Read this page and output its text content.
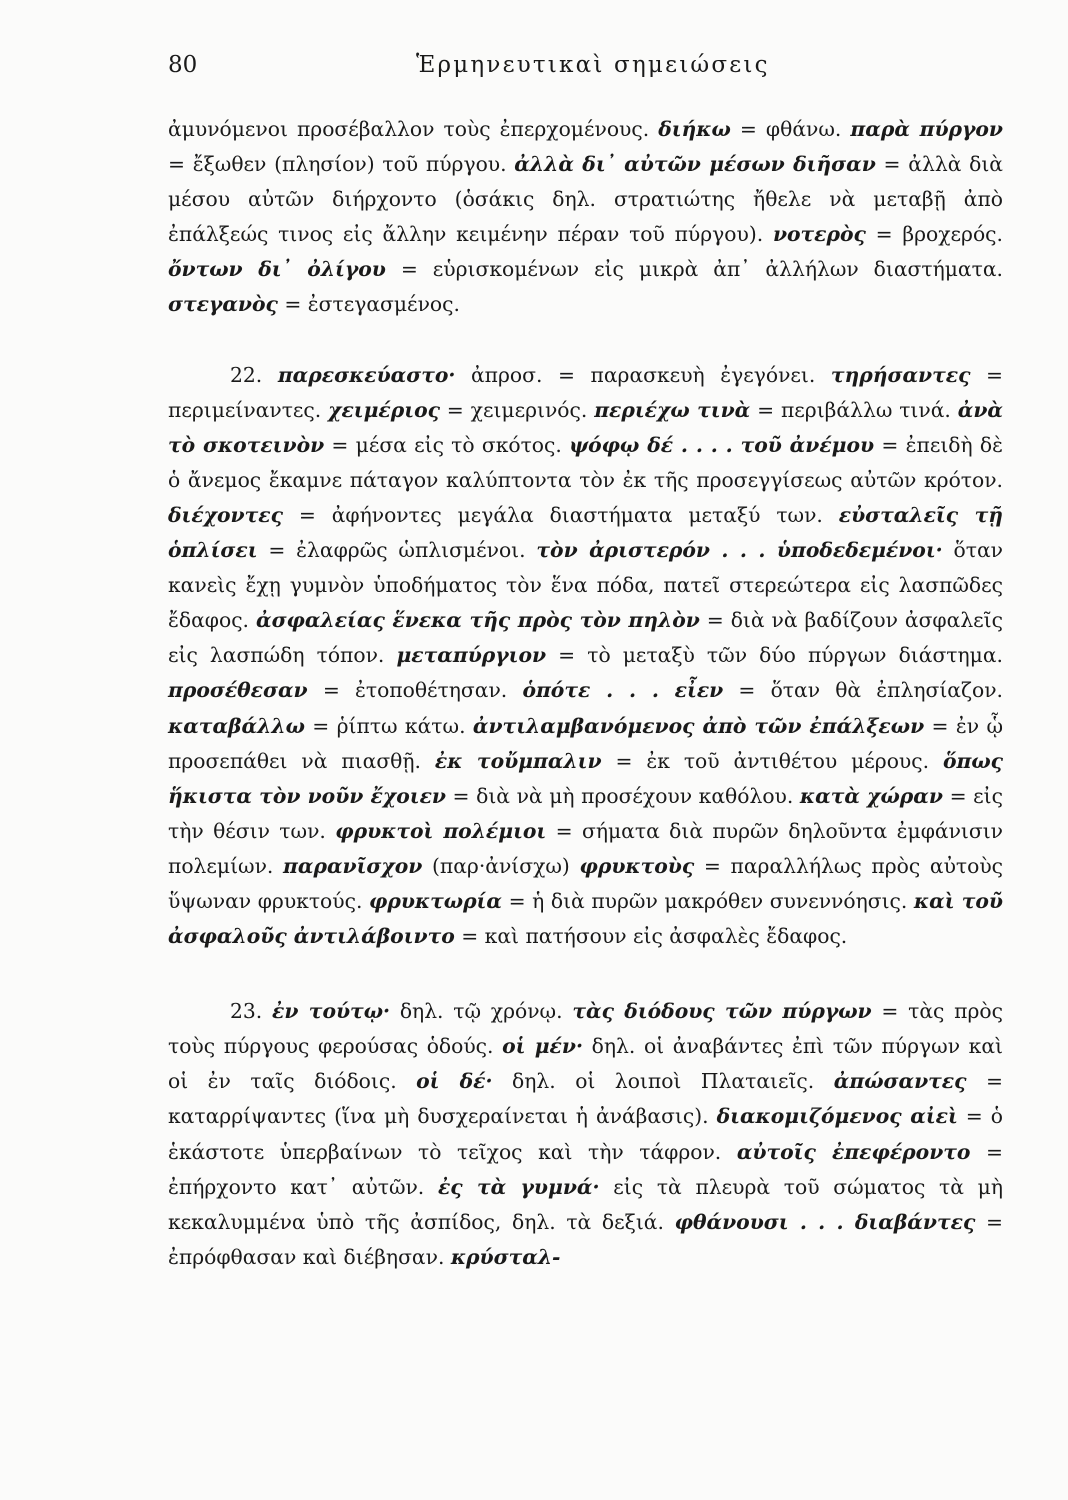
80	Ἑρμηνευτικαὶ σημειώσεις

ἀμυνόμενοι προσέβαλλον τοὺς ἐπερχομένους. διήκω = φθάνω. παρὰ πύργον = ἔξωθεν (πλησίον) τοῦ πύργου. ἀλλὰ δι᾽ αὐτῶν μέσων διῆσαν = ἀλλὰ διὰ μέσου αὐτῶν διήρχοντο (ὁσάκις δηλ. στρατιώτης ἤθελε νὰ μεταβῇ ἀπὸ ἐπάλξεώς τινος εἰς ἄλλην κειμένην πέραν τοῦ πύργου). νοτερὸς = βροχερός. ὄντων δι᾽ ὀλίγου = εὑρισκομένων εἰς μικρὰ ἀπ᾽ ἀλλήλων διαστήματα. στεγανὸς = ἐστεγασμένος.

22. παρεσκεύαστο· ἀπροσ. = παρασκευὴ ἐγεγόνει. τηρήσαντες = περιμείναντες. χειμέριος = χειμερινός. περιέχω τινὰ = περιβάλλω τινά. ἀνὰ τὸ σκοτεινὸν = μέσα εἰς τὸ σκότος. ψόφῳ δέ . . . . τοῦ ἀνέμου = ἐπειδὴ δὲ ὁ ἄνεμος ἔκαμνε πάταγον καλύπτοντα τὸν ἐκ τῆς προσεγγίσεως αὐτῶν κρότον. διέχοντες = ἀφήνοντες μεγάλα διαστήματα μεταξύ των. εὐσταλεῖς τῇ ὁπλίσει = ἐλαφρῶς ὡπλισμένοι. τὸν ἀριστερόν . . . ὑποδεδεμένοι· ὅταν κανεὶς ἔχῃ γυμνὸν ὑποδήματος τὸν ἕνα πόδα, πατεῖ στερεώτερα εἰς λασπῶδες ἔδαφος. ἀσφαλείας ἕνεκα τῆς πρὸς τὸν πηλὸν = διὰ νὰ βαδίζουν ἀσφαλεῖς εἰς λασπώδη τόπον. μεταπύργιον = τὸ μεταξὺ τῶν δύο πύργων διάστημα. προσέθεσαν = ἐτοποθέτησαν. ὁπότε . . . εἶεν = ὅταν θὰ ἐπλησίαζον. καταβάλλω = ῥίπτω κάτω. ἀντιλαμβανόμενος ἀπὸ τῶν ἐπάλξεων = ἐν ᾧ προσεπάθει νὰ πιασθῇ. ἐκ τοὔμπαλιν = ἐκ τοῦ ἀντιθέτου μέρους. ὅπως ἥκιστα τὸν νοῦν ἔχοιεν = διὰ νὰ μὴ προσέχουν καθόλου. κατὰ χώραν = εἰς τὴν θέσιν των. φρυκτοὶ πολέμιοι = σήματα διὰ πυρῶν δηλοῦντα ἐμφάνισιν πολεμίων. παρανῖσχον (παρ·ἀνίσχω) φρυκτοὺς = παραλλήλως πρὸς αὐτοὺς ὕψωναν φρυκτούς. φρυκτωρία = ἡ διὰ πυρῶν μακρόθεν συνεννόησις. καὶ τοῦ ἀσφαλοῦς ἀντιλάβοιντο = καὶ πατήσουν εἰς ἀσφαλὲς ἔδαφος.

23. ἐν τούτῳ· δηλ. τῷ χρόνῳ. τὰς διόδους τῶν πύργων = τὰς πρὸς τοὺς πύργους φερούσας ὁδούς. οἱ μέν· δηλ. οἱ ἀναβάντες ἐπὶ τῶν πύργων καὶ οἱ ἐν ταῖς διόδοις. οἱ δέ· δηλ. οἱ λοιποὶ Πλαταιεῖς. ἀπώσαντες = καταρρίψαντες (ἵνα μὴ δυσχεραίνεται ἡ ἀνάβασις). διακομιζόμενος αἰεὶ = ὁ ἑκάστοτε ὑπερβαίνων τὸ τεῖχος καὶ τὴν τάφρον. αὐτοῖς ἐπεφέροντο = ἐπήρχοντο κατ᾽ αὐτῶν. ἐς τὰ γυμνά· εἰς τὰ πλευρὰ τοῦ σώματος τὰ μὴ κεκαλυμμένα ὑπὸ τῆς ἀσπίδος, δηλ. τὰ δεξιά. φθάνουσι . . . διαβάντες = ἐπρόφθασαν καὶ διέβησαν. κρύσταλ-
